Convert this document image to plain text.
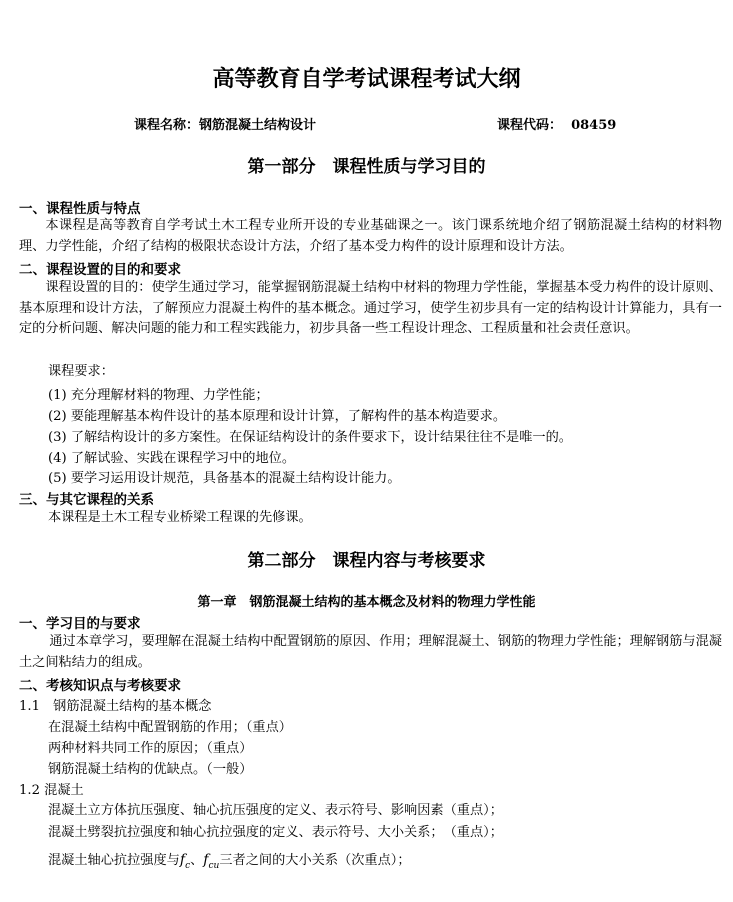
高等教育自学考试课程考试大纲
课程名称：钢筋混凝土结构设计	课程代码： 08459
第一部分　课程性质与学习目的
一、课程性质与特点
本课程是高等教育自学考试土木工程专业所开设的专业基础课之一。该门课系统地介绍了钢筋混凝土结构的材料物理、力学性能，介绍了结构的极限状态设计方法，介绍了基本受力构件的设计原理和设计方法。
二、课程设置的目的和要求
课程设置的目的：使学生通过学习，能掌握钢筋混凝土结构中材料的物理力学性能，掌握基本受力构件的设计原则、基本原理和设计方法，了解预应力混凝土构件的基本概念。通过学习，使学生初步具有一定的结构设计计算能力，具有一定的分析问题、解决问题的能力和工程实践能力，初步具备一些工程设计理念、工程质量和社会责任意识。
课程要求：
(1) 充分理解材料的物理、力学性能；
(2) 要能理解基本构件设计的基本原理和设计计算，了解构件的基本构造要求。
(3) 了解结构设计的多方案性。在保证结构设计的条件要求下，设计结果往往不是唯一的。
(4) 了解试验、实践在课程学习中的地位。
(5) 要学习运用设计规范，具备基本的混凝土结构设计能力。
三、与其它课程的关系
本课程是土木工程专业桥梁工程课的先修课。
第二部分　课程内容与考核要求
第一章　钢筋混凝土结构的基本概念及材料的物理力学性能
一、学习目的与要求
通过本章学习，要理解在混凝土结构中配置钢筋的原因、作用；理解混凝土、钢筋的物理力学性能；理解钢筋与混凝土之间粘结力的组成。
二、考核知识点与考核要求
1.1　钢筋混凝土结构的基本概念
在混凝土结构中配置钢筋的作用；（重点）
两种材料共同工作的原因；（重点）
钢筋混凝土结构的优缺点。（一般）
1.2 混凝土
混凝土立方体抗压强度、轴心抗压强度的定义、表示符号、影响因素（重点）；
混凝土劈裂抗拉强度和轴心抗拉强度的定义、表示符号、大小关系；　（重点）；
混凝土轴心抗拉强度与$f_c$、$f_{cu}$三者之间的大小关系（次重点）；
